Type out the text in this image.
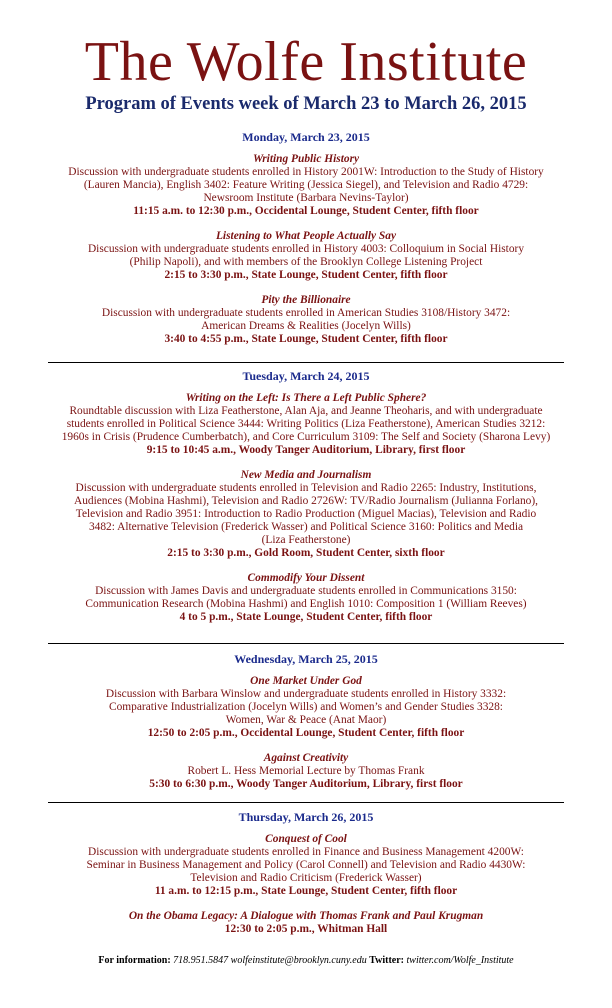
The Wolfe Institute
Program of Events week of March 23 to March 26, 2015
Monday, March 23, 2015
Writing Public History
Discussion with undergraduate students enrolled in History 2001W: Introduction to the Study of History
(Lauren Mancia), English 3402: Feature Writing (Jessica Siegel), and Television and Radio 4729:
Newsroom Institute (Barbara Nevins-Taylor)
11:15 a.m. to 12:30 p.m., Occidental Lounge, Student Center, fifth floor
Listening to What People Actually Say
Discussion with undergraduate students enrolled in History 4003: Colloquium in Social History
(Philip Napoli), and with members of the Brooklyn College Listening Project
2:15 to 3:30 p.m., State Lounge, Student Center, fifth floor
Pity the Billionaire
Discussion with undergraduate students enrolled in American Studies 3108/History 3472:
American Dreams & Realities (Jocelyn Wills)
3:40 to 4:55 p.m., State Lounge, Student Center, fifth floor
Tuesday, March 24, 2015
Writing on the Left: Is There a Left Public Sphere?
Roundtable discussion with Liza Featherstone, Alan Aja, and Jeanne Theoharis, and with undergraduate
students enrolled in Political Science 3444: Writing Politics (Liza Featherstone), American Studies 3212:
1960s in Crisis (Prudence Cumberbatch), and Core Curriculum 3109: The Self and Society (Sharona Levy)
9:15 to 10:45 a.m., Woody Tanger Auditorium, Library, first floor
New Media and Journalism
Discussion with undergraduate students enrolled in Television and Radio 2265: Industry, Institutions,
Audiences (Mobina Hashmi), Television and Radio 2726W: TV/Radio Journalism (Julianna Forlano),
Television and Radio 3951: Introduction to Radio Production (Miguel Macias), Television and Radio
3482: Alternative Television (Frederick Wasser) and Political Science 3160: Politics and Media
(Liza Featherstone)
2:15 to 3:30 p.m., Gold Room, Student Center, sixth floor
Commodify Your Dissent
Discussion with James Davis and undergraduate students enrolled in Communications 3150:
Communication Research (Mobina Hashmi) and English 1010: Composition 1 (William Reeves)
4 to 5 p.m., State Lounge, Student Center, fifth floor
Wednesday, March 25, 2015
One Market Under God
Discussion with Barbara Winslow and undergraduate students enrolled in History 3332:
Comparative Industrialization (Jocelyn Wills) and Women’s and Gender Studies 3328:
Women, War & Peace (Anat Maor)
12:50 to 2:05 p.m., Occidental Lounge, Student Center, fifth floor
Against Creativity
Robert L. Hess Memorial Lecture by Thomas Frank
5:30 to 6:30 p.m., Woody Tanger Auditorium, Library, first floor
Thursday, March 26, 2015
Conquest of Cool
Discussion with undergraduate students enrolled in Finance and Business Management 4200W:
Seminar in Business Management and Policy (Carol Connell) and Television and Radio 4430W:
Television and Radio Criticism (Frederick Wasser)
11 a.m. to 12:15 p.m., State Lounge, Student Center, fifth floor
On the Obama Legacy: A Dialogue with Thomas Frank and Paul Krugman
12:30 to 2:05 p.m., Whitman Hall
For information: 718.951.5847 wolfeinstitute@brooklyn.cuny.edu Twitter: twitter.com/Wolfe_Institute
